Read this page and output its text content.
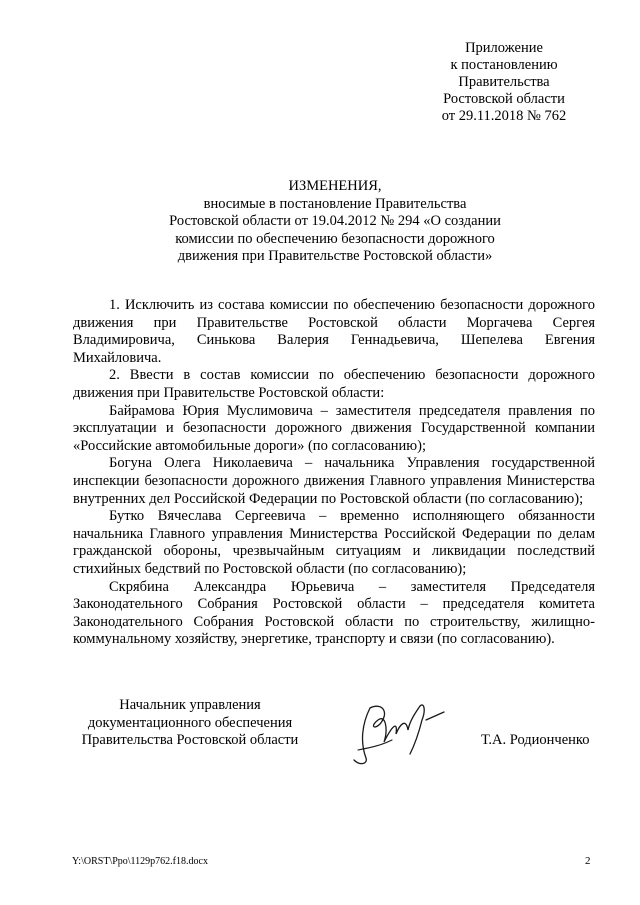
Приложение
к постановлению
Правительства
Ростовской области
от 29.11.2018 № 762
ИЗМЕНЕНИЯ,
вносимые в постановление Правительства
Ростовской области от 19.04.2012 № 294 «О создании
комиссии по обеспечению безопасности дорожного
движения при Правительстве Ростовской области»

1. Исключить из состава комиссии по обеспечению безопасности дорожного движения при Правительстве Ростовской области Моргачева Сергея Владимировича, Синькова Валерия Геннадьевича, Шепелева Евгения Михайловича.

2. Ввести в состав комиссии по обеспечению безопасности дорожного движения при Правительстве Ростовской области:

Байрамова Юрия Муслимовича – заместителя председателя правления по эксплуатации и безопасности дорожного движения Государственной компании «Российские автомобильные дороги» (по согласованию);

Богуна Олега Николаевича – начальника Управления государственной инспекции безопасности дорожного движения Главного управления Министерства внутренних дел Российской Федерации по Ростовской области (по согласованию);

Бутко Вячеслава Сергеевича – временно исполняющего обязанности начальника Главного управления Министерства Российской Федерации по делам гражданской обороны, чрезвычайным ситуациям и ликвидации последствий стихийных бедствий по Ростовской области (по согласованию);

Скрябина Александра Юрьевича – заместителя Председателя Законодательного Собрания Ростовской области – председателя комитета Законодательного Собрания Ростовской области по строительству, жилищно-коммунальному хозяйству, энергетике, транспорту и связи (по согласованию).

Начальник управления
документационного обеспечения
Правительства Ростовской области	Т.А. Родионченко
Y:\ORST\Ppo\1129p762.f18.docx	2
